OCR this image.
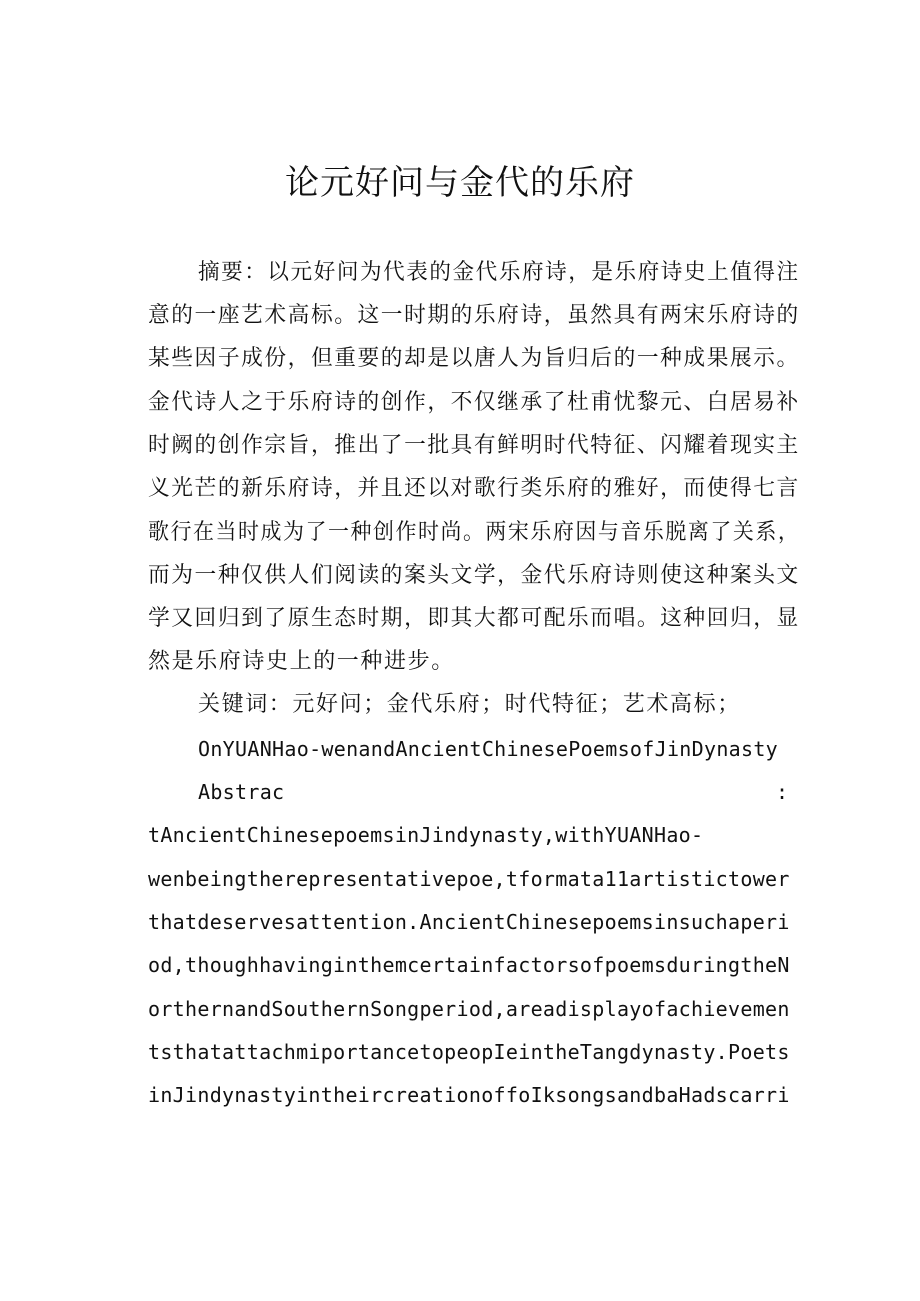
论元好问与金代的乐府

摘要：以元好问为代表的金代乐府诗，是乐府诗史上值得注

意的一座艺术高标。这一时期的乐府诗，虽然具有两宋乐府诗的

某些因子成份，但重要的却是以唐人为旨归后的一种成果展示。

金代诗人之于乐府诗的创作，不仅继承了杜甫忧黎元、白居易补

时阙的创作宗旨，推出了一批具有鲜明时代特征、闪耀着现实主

义光芒的新乐府诗，并且还以对歌行类乐府的雅好，而使得七言

歌行在当时成为了一种创作时尚。两宋乐府因与音乐脱离了关系，

而为一种仅供人们阅读的案头文学，金代乐府诗则使这种案头文

学又回归到了原生态时期，即其大都可配乐而唱。这种回归，显

然是乐府诗史上的一种进步。

关键词：元好问；金代乐府；时代特征；艺术高标；

OnYUANHao-wenandAncientChinesePoemsofJinDynasty

Abstrac	:

tAncientChinesepoemsinJindynasty,withYUANHao-

wenbeingtherepresentativepoe,tformata11artistictower

thatdeservesattention.AncientChinesepoemsinsuchaperi

od,thoughhavinginthemcertainfactorsofpoemsduringtheN

orthernandSouthernSongperiod,areadisplayofachievemen

tsthatattachmiportancetopeopIeintheTangdynasty.Poets

inJindynastyintheircreationoffoIksongsandbaHadscarri
